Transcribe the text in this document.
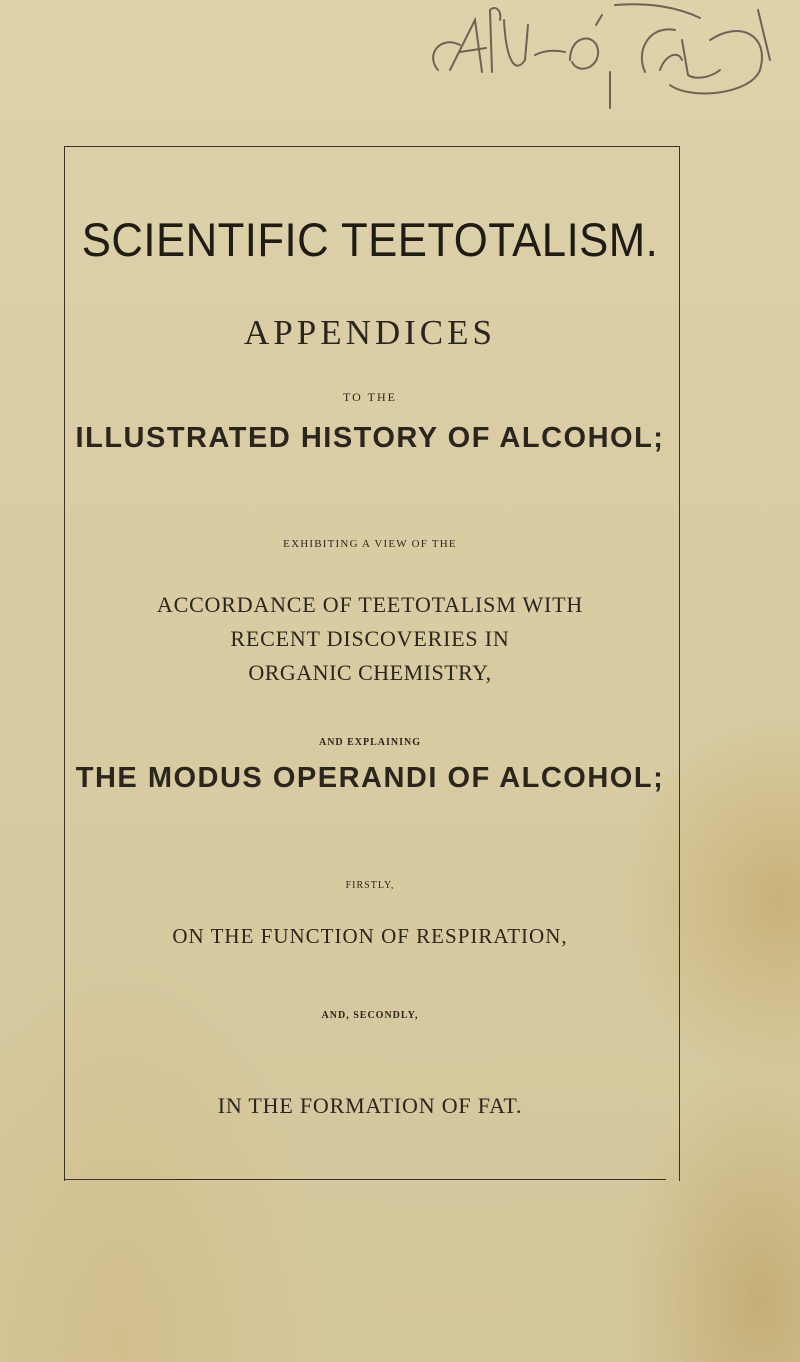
SCIENTIFIC TEETOTALISM.
APPENDICES
TO THE
ILLUSTRATED HISTORY OF ALCOHOL;
EXHIBITING A VIEW OF THE
ACCORDANCE OF TEETOTALISM WITH
RECENT DISCOVERIES IN
ORGANIC CHEMISTRY,
AND EXPLAINING
THE MODUS OPERANDI OF ALCOHOL;
FIRSTLY,
ON THE FUNCTION OF RESPIRATION,
AND, SECONDLY,
IN THE FORMATION OF FAT.
